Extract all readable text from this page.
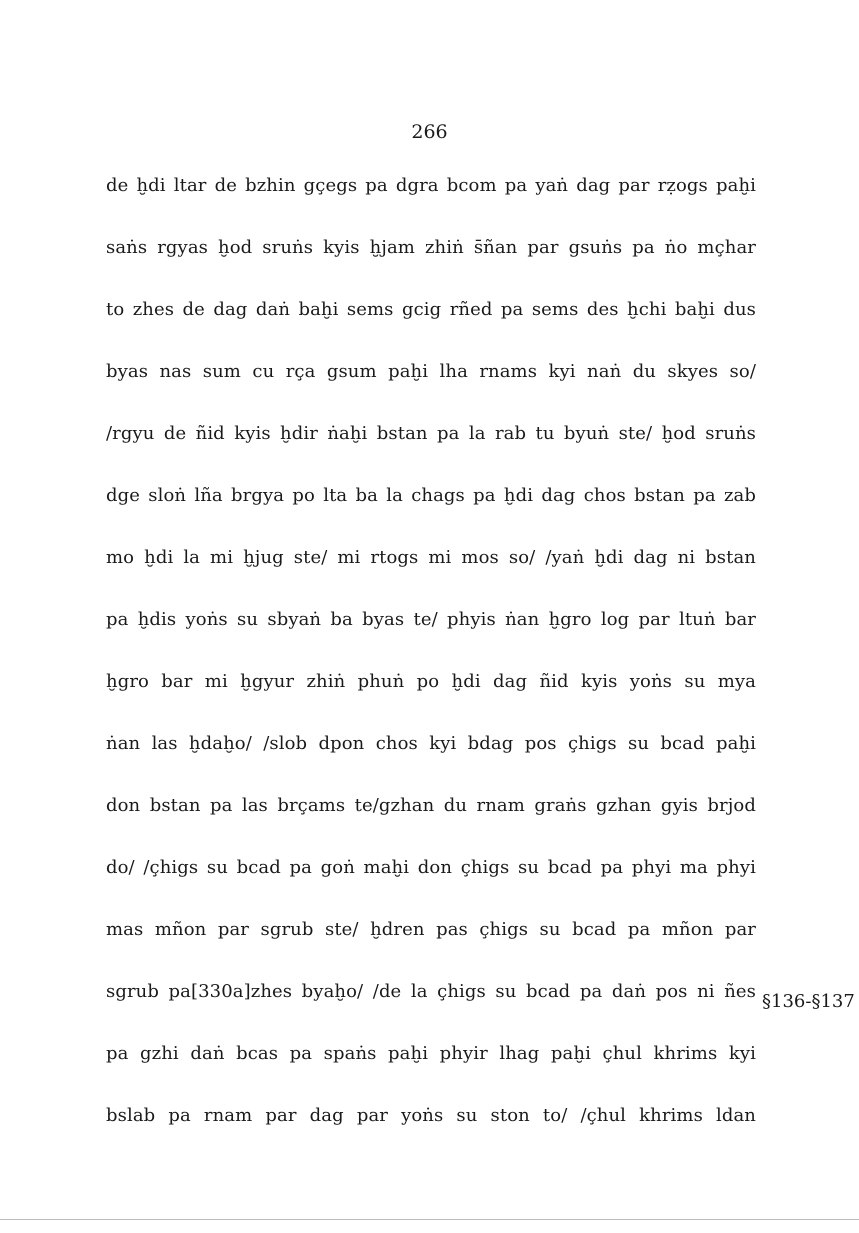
266
de ḫdi ltar de bzhin gçegs pa dgra bcom pa yaṅ dag par rẓogs paḫi
saṅs rgyas ḫod sruṅs kyis ḫjam zhiṅ s̄ñan par gsuṅs pa ṅo mçhar
to zhes de dag daṅ baḫi sems gcig rñed pa sems des ḫchi baḫi dus
byas nas sum cu rça gsum paḫi lha rnams kyi naṅ du skyes so/
/rgyu de ñid kyis ḫdir ṅaḫi bstan pa la rab tu byuṅ ste/ ḫod sruṅs
dge sloṅ lña brgya po lta ba la chags pa ḫdi dag chos bstan pa zab
mo ḫdi la mi ḫjug ste/ mi rtogs mi mos so/ /yaṅ ḫdi dag ni bstan
pa ḫdis yoṅs su sbyaṅ ba byas te/ phyis ṅan ḫgro log par ltuṅ bar
ḫgro bar mi ḫgyur zhiṅ phuṅ po ḫdi dag ñid kyis yoṅs su mya
ṅan las ḫdaḫo/ /slob dpon chos kyi bdag pos çhigs su bcad paḫi
don bstan pa las brçams te/gzhan du rnam graṅs gzhan gyis brjod
do/ /çhigs su bcad pa goṅ maḫi don çhigs su bcad pa phyi ma phyi
mas mñon par sgrub ste/ ḫdren pas çhigs su bcad pa mñon par
sgrub pa[330a]zhes byaḫo/ /de la çhigs su bcad pa daṅ pos ni ñes
pa gzhi daṅ bcas pa spaṅs paḫi phyir lhag paḫi çhul khrims kyi
bslab pa rnam par dag par yoṅs su ston to/ /çhul khrims ldan
§136-§137
